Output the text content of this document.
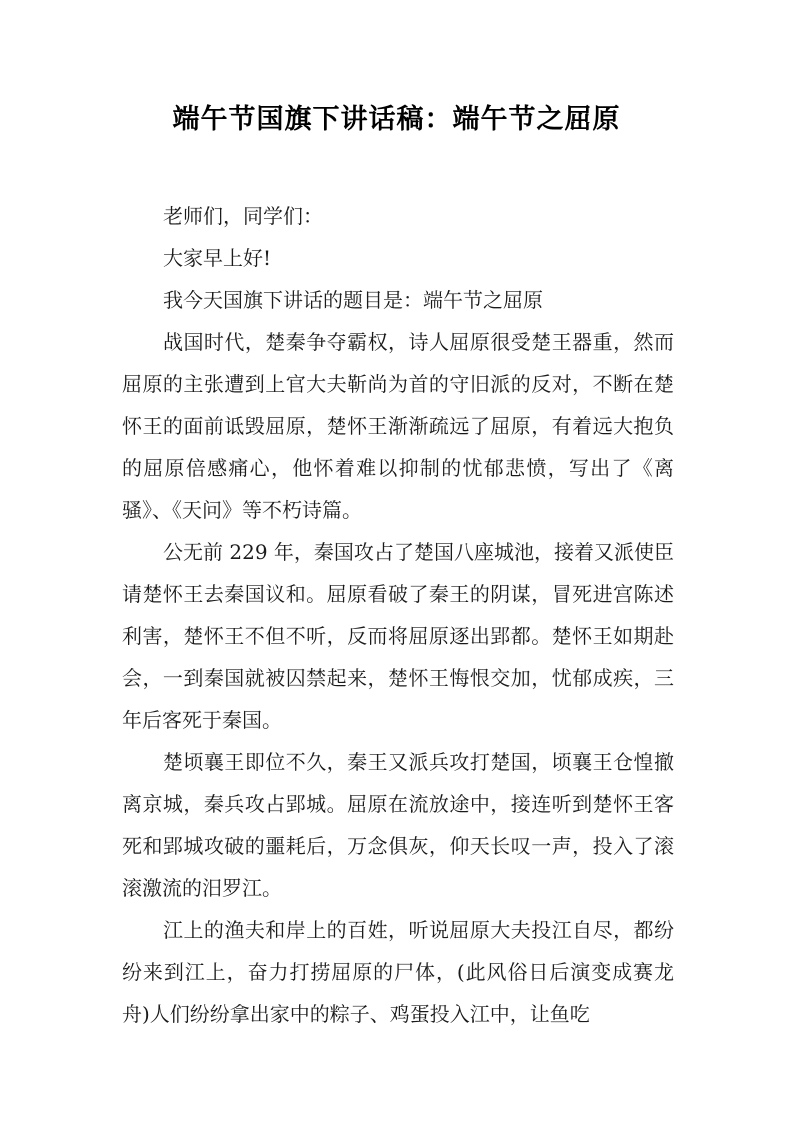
端午节国旗下讲话稿：端午节之屈原

老师们，同学们：

大家早上好!

我今天国旗下讲话的题目是：端午节之屈原

战国时代，楚秦争夺霸权，诗人屈原很受楚王器重，然而屈原的主张遭到上官大夫靳尚为首的守旧派的反对，不断在楚怀王的面前诋毁屈原，楚怀王渐渐疏远了屈原，有着远大抱负的屈原倍感痛心，他怀着难以抑制的忧郁悲愤，写出了《离骚》、《天问》等不朽诗篇。

公无前 229 年，秦国攻占了楚国八座城池，接着又派使臣请楚怀王去秦国议和。屈原看破了秦王的阴谋，冒死进宫陈述利害，楚怀王不但不听，反而将屈原逐出郢都。楚怀王如期赴会，一到秦国就被囚禁起来，楚怀王悔恨交加，忧郁成疾，三年后客死于秦国。

楚顷襄王即位不久，秦王又派兵攻打楚国，顷襄王仓惶撤离京城，秦兵攻占郢城。屈原在流放途中，接连听到楚怀王客死和郢城攻破的噩耗后，万念俱灰，仰天长叹一声，投入了滚滚激流的汨罗江。

江上的渔夫和岸上的百姓，听说屈原大夫投江自尽，都纷纷来到江上，奋力打捞屈原的尸体，(此风俗日后演变成赛龙舟)人们纷纷拿出家中的粽子、鸡蛋投入江中，让鱼吃
